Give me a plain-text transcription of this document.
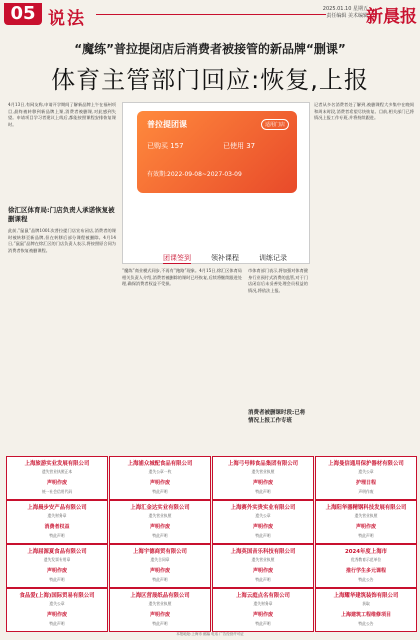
05 说法	2025.01.10 星期五
责任编辑 美术编辑
新晨报
“魔练”普拉提闭店后消费者被接管的新品牌“删课”
体育主管部门回应:恢复,上报
4月13日,有网友称,申请开学期间了解新品牌上午在福州项目,最终被转移到新品牌上课,消费者被删课,对此感到失望。申请项目学习者建议上线后,都能按照课程安排恢复课时。
徐汇区体育局:门店负责人承诺恢复被删课程
此前,“鼠鼠”品牌1001次普拉提门店宣布闭店,消费者的课时被转移至新品牌,但在转移后部分课程被删除。4月14日,“鼠鼠”品牌在徐汇区的门店负责人表示,将按照原合同为消费者恢复被删课程。
普拉提团课	适用门店
已购买 157	已使用 37
有效期:2022-09-08~2027-03-09
团课签到	领补课程	训练记录
“魔练”商业模式同步,不再有“跑路”现象。4月15日,徐汇区体育局相关负责人介绍,消费者被删除的课时已经恢复,后续将继续跟进处理,确保消费者权益不受损。
市体育部门表示,将加强对体育健身行业预付式消费的监管,对于门店闭店后未妥善处理会员权益的情况,将依法上报。
消费者被删课时段:已将情况上报工作专班
记者从多名消费者处了解到,被删课程大多集中在晚间和周末时段,消费者希望尽快恢复。目前,相关部门已将情况上报工作专班,并将持续跟进。
上海旅游实业发展有限公司
遗失营业执照正本
声明作废
统一社会信用代码
上海浦众城配食品有限公司
遗失公章一枚
声明作废
特此声明
上海弓号韩食品集团有限公司
遗失营业执照
声明作废
特此声明
上海曼信通用保护器材有限公司
遗失公章
护理日程
声明作废
上海晨步安产品有限公司
遗失财务章
消费者权益
特此声明
上海汇金达实业有限公司
遗失营业执照
声明作废
特此声明
上海赛外实贵实业有限公司
遗失公章
声明作废
特此声明
上海阳华器精钢科技发展有限公司
遗失营业执照
声明作废
特此声明
上海屈源夏食品有限公司
遗失发票专用章
声明作废
特此声明
上海宇德商贸有限公司
遗失合同章
声明作废
特此声明
上海英国音乐科技有限公司
遗失营业执照
声明作废
特此声明
2024年度上海市
优秀教育示范单位
推行学生多元课程
特此公告
食品爱(上海)国际贸易有限公司
遗失公章
声明作废
特此声明
上海区营晟纸品有限公司
遗失营业执照
声明作废
特此声明
上海云庭点名有限公司
遗失财务章
声明作废
特此声明
上海耀华建筑装饰有限公司
获取
上海建筑工程维修项目
特此公告
本报地址:上海市 邮编 电话 广告经营许可证
